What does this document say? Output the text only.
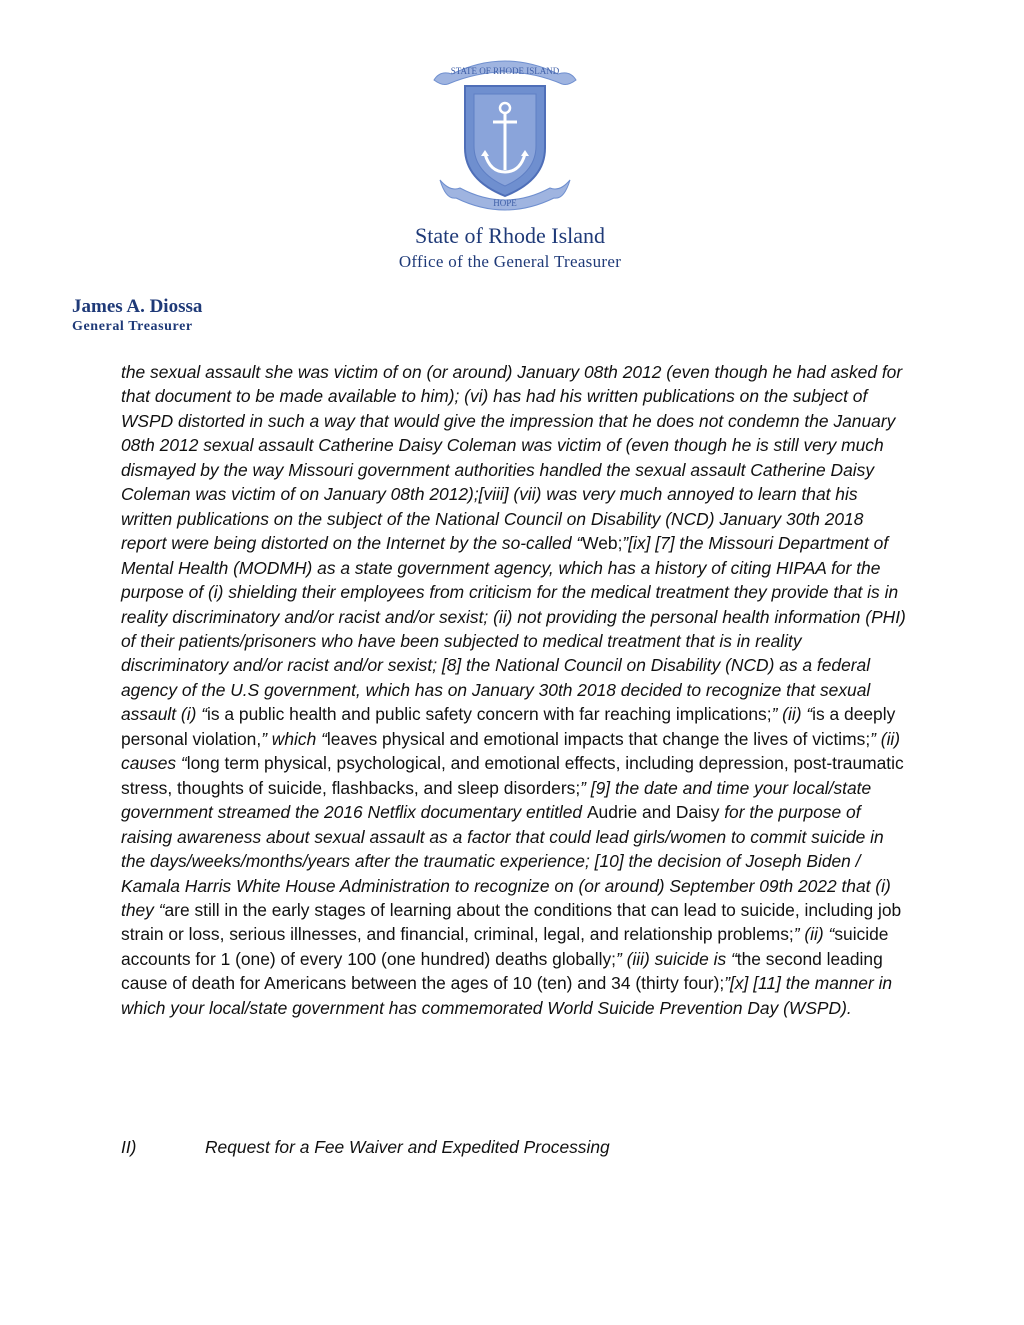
STATE OF RHODE ISLAND
HOPE
State of Rhode Island
Office of the General Treasurer
James A. Diossa
General Treasurer

the sexual assault she was victim of on (or around) January 08th 2012 (even though he had asked for that document to be made available to him); (vi) has had his written publications on the subject of WSPD distorted in such a way that would give the impression that he does not condemn the January 08th 2012 sexual assault Catherine Daisy Coleman was victim of (even though he is still very much dismayed by the way Missouri government authorities handled the sexual assault Catherine Daisy Coleman was victim of on January 08th 2012);[viii] (vii) was very much annoyed to learn that his written publications on the subject of the National Council on Disability (NCD) January 30th 2018 report were being distorted on the Internet by the so-called “Web;”[ix] [7] the Missouri Department of Mental Health (MODMH) as a state government agency, which has a history of citing HIPAA for the purpose of (i) shielding their employees from criticism for the medical treatment they provide that is in reality discriminatory and/or racist and/or sexist; (ii) not providing the personal health information (PHI) of their patients/prisoners who have been subjected to medical treatment that is in reality discriminatory and/or racist and/or sexist; [8] the National Council on Disability (NCD) as a federal agency of the U.S government, which has on January 30th 2018 decided to recognize that sexual assault (i) “is a public health and public safety concern with far reaching implications;” (ii) “is a deeply personal violation,” which “leaves physical and emotional impacts that change the lives of victims;” (ii) causes “long term physical, psychological, and emotional effects, including depression, post-traumatic stress, thoughts of suicide, flashbacks, and sleep disorders;” [9] the date and time your local/state government streamed the 2016 Netflix documentary entitled Audrie and Daisy for the purpose of raising awareness about sexual assault as a factor that could lead girls/women to commit suicide in the days/weeks/months/years after the traumatic experience; [10] the decision of Joseph Biden / Kamala Harris White House Administration to recognize on (or around) September 09th 2022 that (i) they “are still in the early stages of learning about the conditions that can lead to suicide, including job strain or loss, serious illnesses, and financial, criminal, legal, and relationship problems;” (ii) “suicide accounts for 1 (one) of every 100 (one hundred) deaths globally;” (iii) suicide is “the second leading cause of death for Americans between the ages of 10 (ten) and 34 (thirty four);”[x] [11] the manner in which your local/state government has commemorated World Suicide Prevention Day (WSPD).

II)	Request for a Fee Waiver and Expedited Processing
